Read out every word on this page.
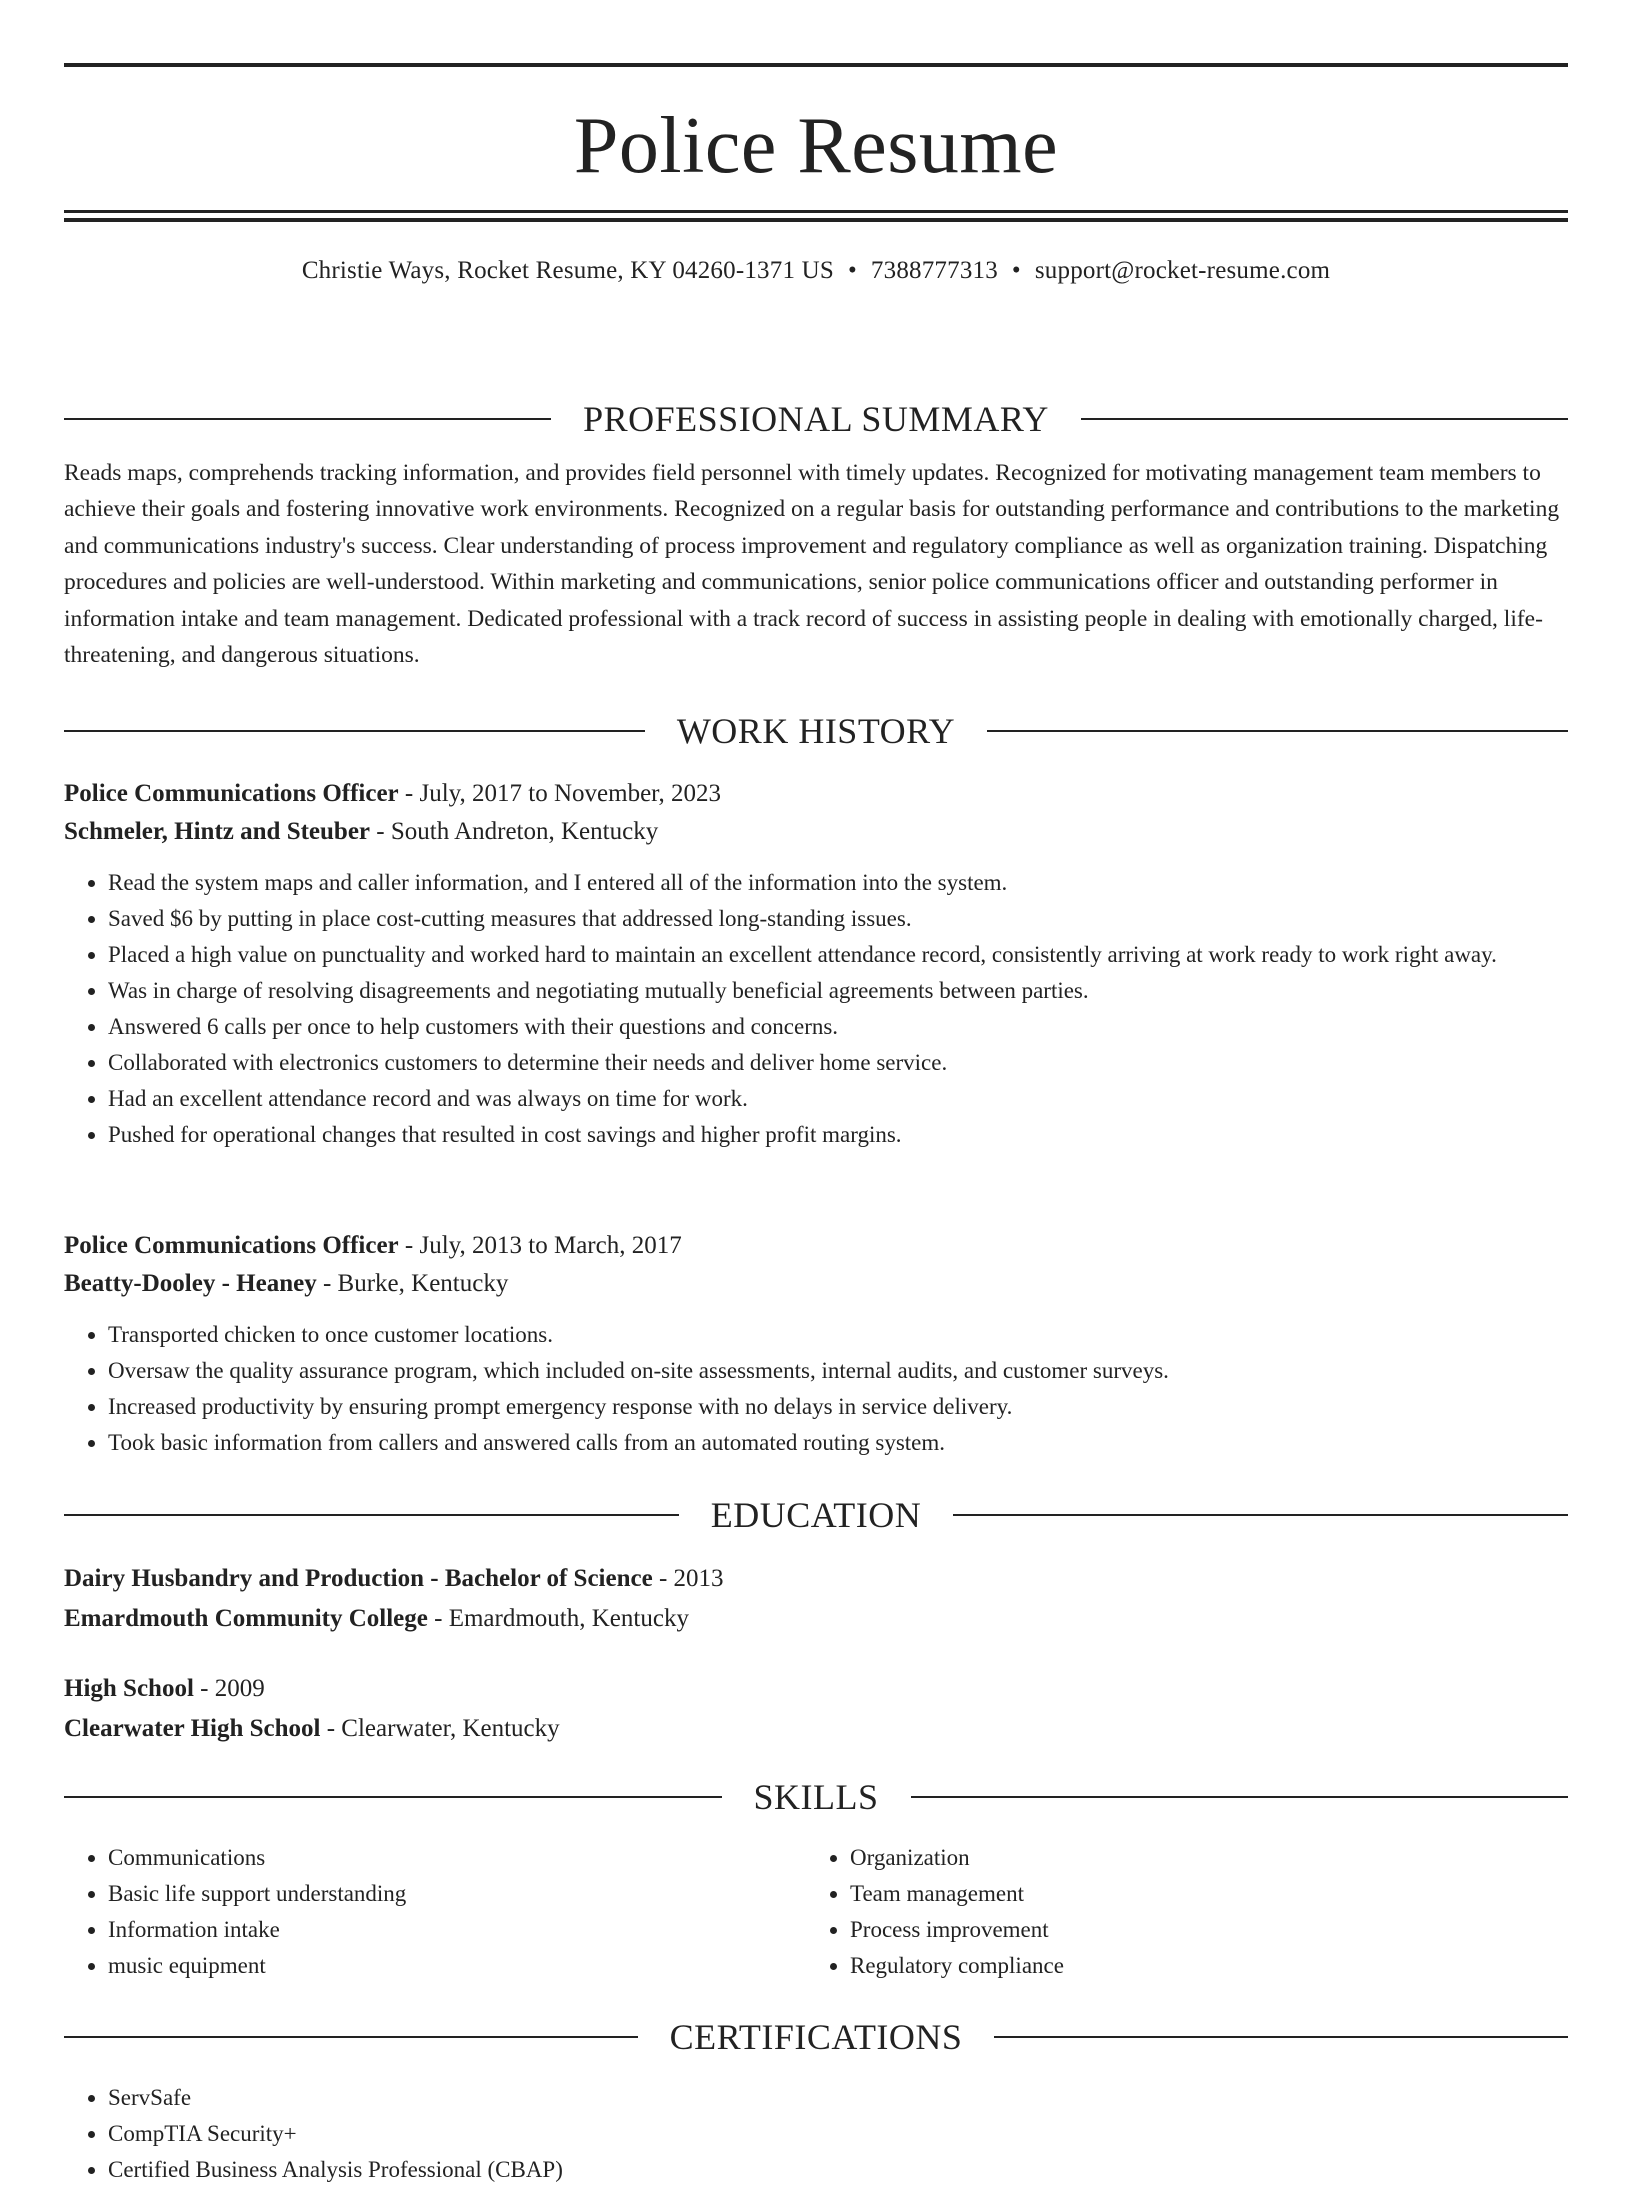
Police Resume
Christie Ways, Rocket Resume, KY 04260-1371 US • 7388777313 • support@rocket-resume.com
PROFESSIONAL SUMMARY

Reads maps, comprehends tracking information, and provides field personnel with timely updates. Recognized for motivating management team members to achieve their goals and fostering innovative work environments. Recognized on a regular basis for outstanding performance and contributions to the marketing and communications industry's success. Clear understanding of process improvement and regulatory compliance as well as organization training. Dispatching procedures and policies are well-understood. Within marketing and communications, senior police communications officer and outstanding performer in information intake and team management. Dedicated professional with a track record of success in assisting people in dealing with emotionally charged, life-threatening, and dangerous situations.

WORK HISTORY
Police Communications Officer - July, 2017 to November, 2023
Schmeler, Hintz and Steuber - South Andreton, Kentucky
• Read the system maps and caller information, and I entered all of the information into the system.
• Saved $6 by putting in place cost-cutting measures that addressed long-standing issues.
• Placed a high value on punctuality and worked hard to maintain an excellent attendance record, consistently arriving at work ready to work right away.
• Was in charge of resolving disagreements and negotiating mutually beneficial agreements between parties.
• Answered 6 calls per once to help customers with their questions and concerns.
• Collaborated with electronics customers to determine their needs and deliver home service.
• Had an excellent attendance record and was always on time for work.
• Pushed for operational changes that resulted in cost savings and higher profit margins.
Police Communications Officer - July, 2013 to March, 2017
Beatty-Dooley - Heaney - Burke, Kentucky
• Transported chicken to once customer locations.
• Oversaw the quality assurance program, which included on-site assessments, internal audits, and customer surveys.
• Increased productivity by ensuring prompt emergency response with no delays in service delivery.
• Took basic information from callers and answered calls from an automated routing system.
EDUCATION
Dairy Husbandry and Production - Bachelor of Science - 2013
Emardmouth Community College - Emardmouth, Kentucky
High School - 2009
Clearwater High School - Clearwater, Kentucky
SKILLS
• Communications
• Basic life support understanding
• Information intake
• music equipment
• Organization
• Team management
• Process improvement
• Regulatory compliance
CERTIFICATIONS
• ServSafe
• CompTIA Security+
• Certified Business Analysis Professional (CBAP)
